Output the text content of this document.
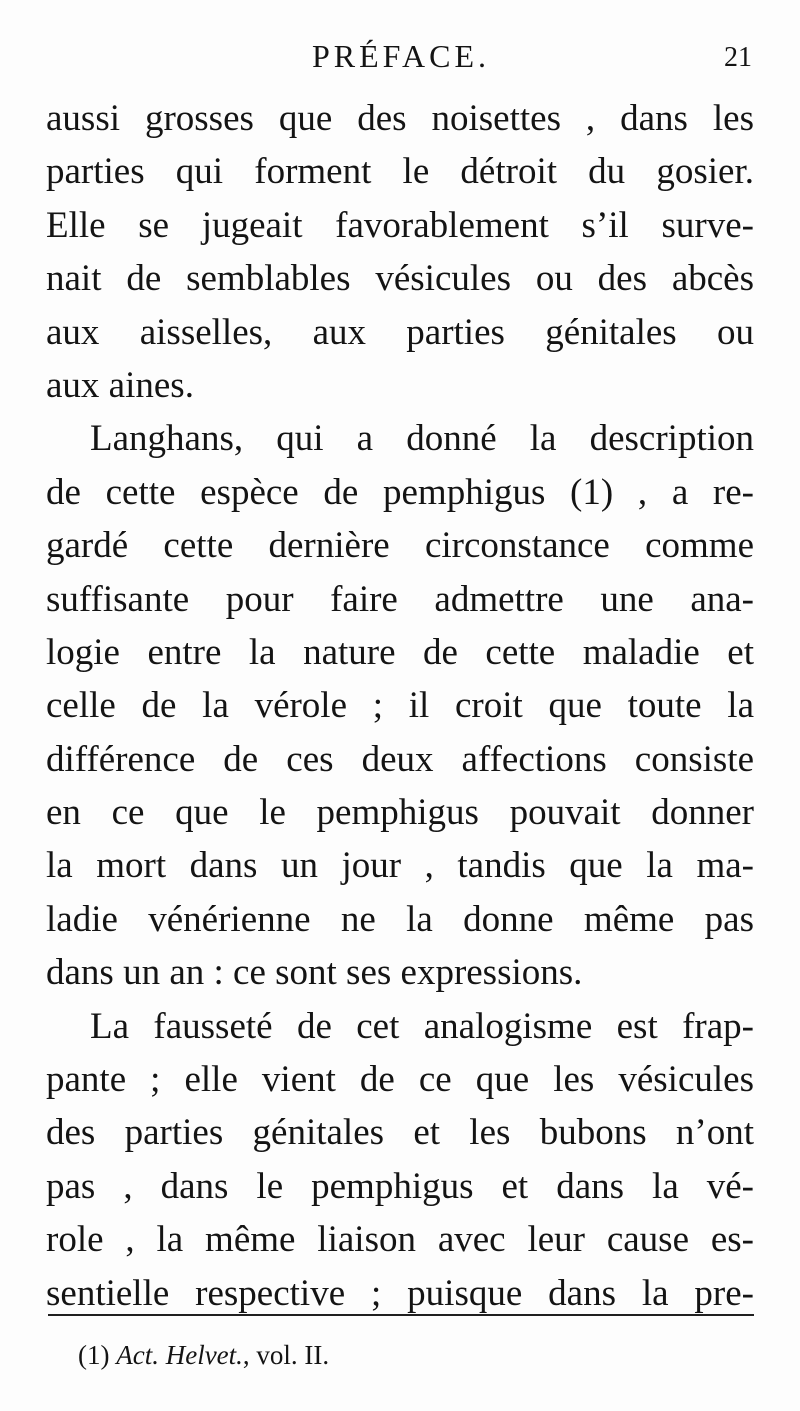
PRÉFACE.	21
aussi grosses que des noisettes , dans les
parties qui forment le détroit du gosier.
Elle se jugeait favorablement s’il surve-
nait de semblables vésicules ou des abcès
aux aisselles, aux parties génitales ou
aux aines.
Langhans, qui a donné la description
de cette espèce de pemphigus (1) , a re-
gardé cette dernière circonstance comme
suffisante pour faire admettre une ana-
logie entre la nature de cette maladie et
celle de la vérole ; il croit que toute la
différence de ces deux affections consiste
en ce que le pemphigus pouvait donner
la mort dans un jour , tandis que la ma-
ladie vénérienne ne la donne même pas
dans un an : ce sont ses expressions.
La fausseté de cet analogisme est frap-
pante ; elle vient de ce que les vésicules
des parties génitales et les bubons n’ont
pas , dans le pemphigus et dans la vé-
role , la même liaison avec leur cause es-
sentielle respective ; puisque dans la pre-
(1) Act. Helvet., vol. II.
